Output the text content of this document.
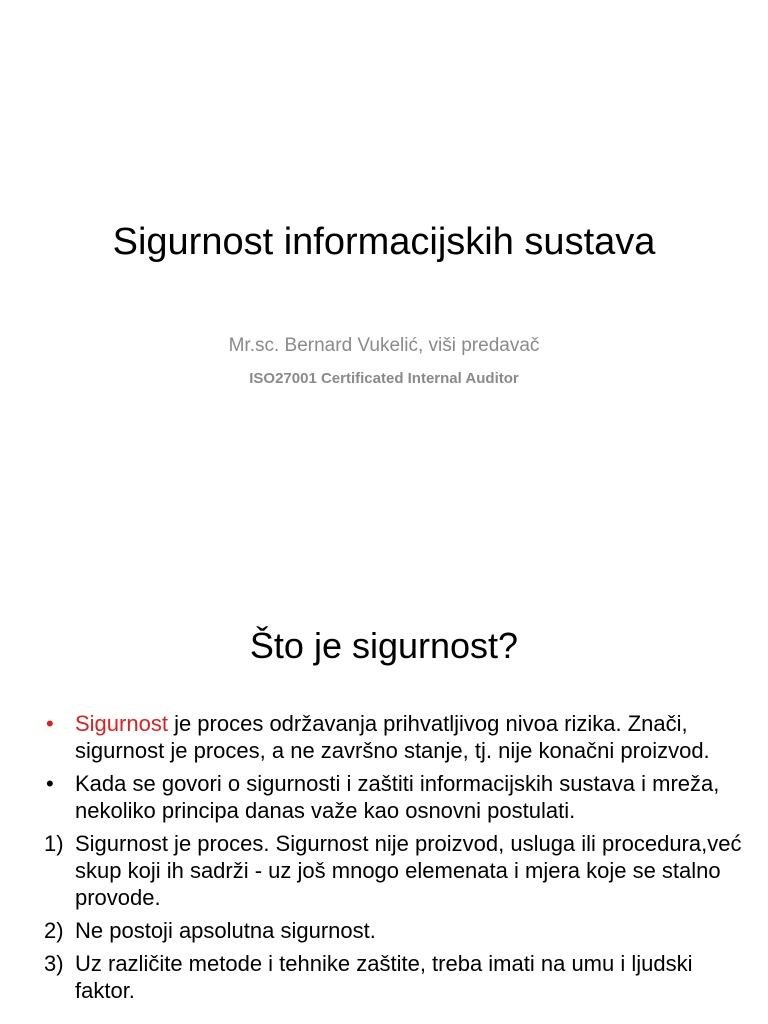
Sigurnost informacijskih sustava
Mr.sc. Bernard Vukelić, viši predavač
ISO27001 Certificated Internal Auditor
Što je sigurnost?
• Sigurnost je proces održavanja prihvatljivog nivoa rizika. Znači, sigurnost je proces, a ne završno stanje, tj. nije konačni proizvod.
• Kada se govori o sigurnosti i zaštiti informacijskih sustava i mreža, nekoliko principa danas važe kao osnovni postulati.
1) Sigurnost je proces. Sigurnost nije proizvod, usluga ili procedura,već skup koji ih sadrži - uz još mnogo elemenata i mjera koje se stalno provode.
2) Ne postoji apsolutna sigurnost.
3) Uz različite metode i tehnike zaštite, treba imati na umu i ljudski faktor.
